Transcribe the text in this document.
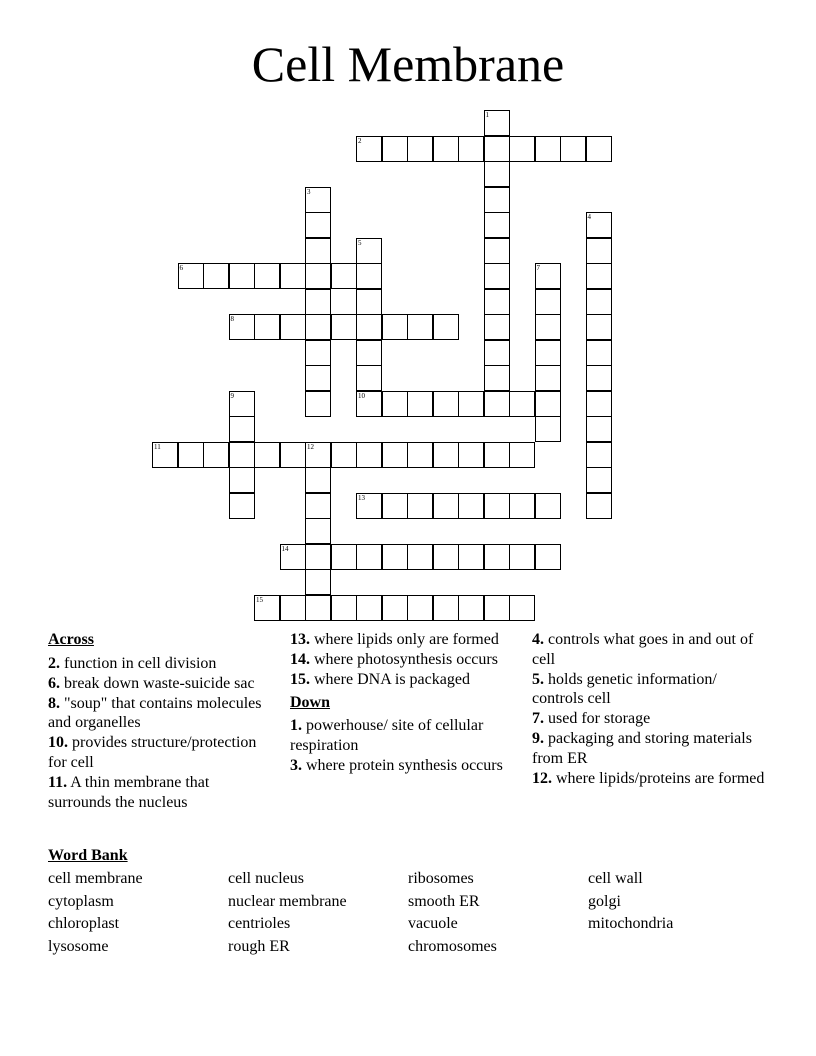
Cell Membrane
1
2
3
4
5
6	7
8
9	10
11	12
13
14
15
Across
2. function in cell division
6. break down waste-suicide sac
8. "soup" that contains molecules and organelles
10. provides structure/protection for cell
11. A thin membrane that surrounds the nucleus
13. where lipids only are formed
14. where photosynthesis occurs
15. where DNA is packaged
Down
1. powerhouse/ site of cellular respiration
3. where protein synthesis occurs
4. controls what goes in and out of cell
5. holds genetic information/ controls cell
7. used for storage
9. packaging and storing materials from ER
12. where lipids/proteins are formed
Word Bank
cell membrane	cell nucleus	ribosomes	cell wall
cytoplasm	nuclear membrane	smooth ER	golgi
chloroplast	centrioles	vacuole	mitochondria
lysosome	rough ER	chromosomes
